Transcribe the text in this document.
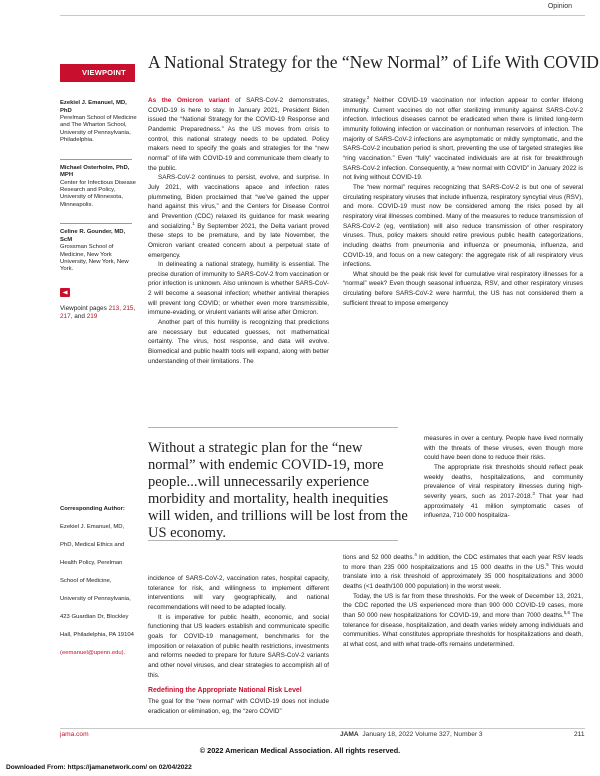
Opinion
VIEWPOINT
A National Strategy for the “New Normal” of Life With COVID
Ezekiel J. Emanuel, MD, PhD
Perelman School of Medicine and The Wharton School, University of Pennsylvania, Philadelphia.
Michael Osterholm, PhD, MPH
Center for Infectious Disease Research and Policy, University of Minnesota, Minneapolis.
Celine R. Gounder, MD, ScM
Grossman School of Medicine, New York University, New York, New York.
Viewpoint pages 213, 215, 217, and 219
Corresponding Author: Ezekiel J. Emanuel, MD, PhD, Medical Ethics and Health Policy, Perelman School of Medicine, University of Pennsylvania, 423 Guardian Dr, Blockley Hall, Philadelphia, PA 19104 (eemanuel@upenn.edu).

As the Omicron variant of SARS-CoV-2 demonstrates, COVID-19 is here to stay. In January 2021, President Biden issued the “National Strategy for the COVID-19 Response and Pandemic Preparedness.” As the US moves from crisis to control, this national strategy needs to be updated. Policy makers need to specify the goals and strategies for the “new normal” of life with COVID-19 and communicate them clearly to the public.

SARS-CoV-2 continues to persist, evolve, and surprise. In July 2021, with vaccinations apace and infection rates plummeting, Biden proclaimed that “we’ve gained the upper hand against this virus,” and the Centers for Disease Control and Prevention (CDC) relaxed its guidance for mask wearing and socializing.$^1$ By September 2021, the Delta variant proved these steps to be premature, and by late November, the Omicron variant created concern about a perpetual state of emergency.

In delineating a national strategy, humility is essential. The precise duration of immunity to SARS-CoV-2 from vaccination or prior infection is unknown. Also unknown is whether SARS-CoV-2 will become a seasonal infection; whether antiviral therapies will prevent long COVID; or whether even more transmissible, immune-evading, or virulent variants will arise after Omicron.

Another part of this humility is recognizing that predictions are necessary but educated guesses, not mathematical certainty. The virus, host response, and data will evolve. Biomedical and public health tools will expand, along with better understanding of their limitations. The

Without a strategic plan for the “new normal” with endemic COVID-19, more people...will unnecessarily experience morbidity and mortality, health inequities will widen, and trillions will be lost from the US economy.

incidence of SARS-CoV-2, vaccination rates, hospital capacity, tolerance for risk, and willingness to implement different interventions will vary geographically, and national recommendations will need to be adapted locally.

It is imperative for public health, economic, and social functioning that US leaders establish and communicate specific goals for COVID-19 management, benchmarks for the imposition or relaxation of public health restrictions, investments and reforms needed to prepare for future SARS-CoV-2 variants and other novel viruses, and clear strategies to accomplish all of this.

Redefining the Appropriate National Risk Level

The goal for the “new normal” with COVID-19 does not include eradication or elimination, eg, the “zero COVID”

strategy.$^2$ Neither COVID-19 vaccination nor infection appear to confer lifelong immunity. Current vaccines do not offer sterilizing immunity against SARS-CoV-2 infection. Infectious diseases cannot be eradicated when there is limited long-term immunity following infection or vaccination or nonhuman reservoirs of infection. The majority of SARS-CoV-2 infections are asymptomatic or mildly symptomatic, and the SARS-CoV-2 incubation period is short, preventing the use of targeted strategies like “ring vaccination.” Even “fully” vaccinated individuals are at risk for breakthrough SARS-CoV-2 infection. Consequently, a “new normal with COVID” in January 2022 is not living without COVID-19.

The “new normal” requires recognizing that SARS-CoV-2 is but one of several circulating respiratory viruses that include influenza, respiratory syncytial virus (RSV), and more. COVID-19 must now be considered among the risks posed by all respiratory viral illnesses combined. Many of the measures to reduce transmission of SARS-CoV-2 (eg, ventilation) will also reduce transmission of other respiratory viruses. Thus, policy makers should retire previous public health categorizations, including deaths from pneumonia and influenza or pneumonia, influenza, and COVID-19, and focus on a new category: the aggregate risk of all respiratory virus infections.

What should be the peak risk level for cumulative viral respiratory illnesses for a “normal” week? Even though seasonal influenza, RSV, and other respiratory viruses circulating before SARS-CoV-2 were harmful, the US has not considered them a sufficient threat to impose emergency

measures in over a century. People have lived normally with the threats of these viruses, even though more could have been done to reduce their risks.

The appropriate risk thresholds should reflect peak weekly deaths, hospitalizations, and community prevalence of viral respiratory illnesses during high-severity years, such as 2017-2018.$^3$ That year had approximately 41 million symptomatic cases of influenza, 710 000 hospitaliza-

tions and 52 000 deaths.$^4$ In addition, the CDC estimates that each year RSV leads to more than 235 000 hospitalizations and 15 000 deaths in the US.$^5$ This would translate into a risk threshold of approximately 35 000 hospitalizations and 3000 deaths (<1 death/100 000 population) in the worst week.

Today, the US is far from these thresholds. For the week of December 13, 2021, the CDC reported the US experienced more than 900 000 COVID-19 cases, more than 50 000 new hospitalizations for COVID-19, and more than 7000 deaths.$^{5,6}$ The tolerance for disease, hospitalization, and death varies widely among individuals and communities. What constitutes appropriate thresholds for hospitalizations and death, at what cost, and with what trade-offs remains undetermined.

jama.com	JAMA January 18, 2022 Volume 327, Number 3	211
© 2022 American Medical Association. All rights reserved.
Downloaded From: https://jamanetwork.com/ on 02/04/2022
